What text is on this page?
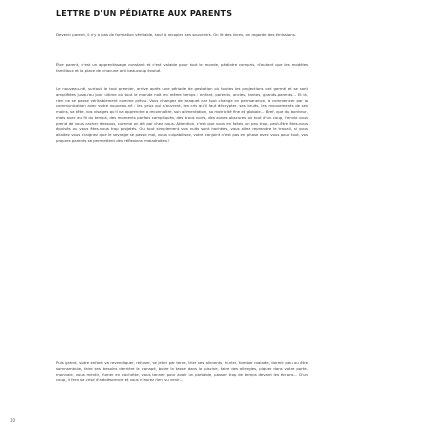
LETTRE D'UN PÉDIATRE AUX PARENTS

Devenir parent, il n'y a pas de formation véritable, sauf à recopier ses souvenirs. On lit des livres, on regarde des émissions.

Être parent, c'est un apprentissage constant et c'est valable pour tout le monde, pédiatre compris, d'autant que les modèles familiaux et la place de chacune ont beaucoup évolué.

Le nouveau-né, surtout le tout premier, arrive après une période de gestation où toutes les projections ont germé et se sont amplifiées jusqu'au jour ultime où tout le monde naît en même temps : enfant, parents, oncles, tantes, grands-parents… Et là, rien ne se passe véritablement comme prévu. Vous changez de braquet car tout change en permanence, à commencer par la communication avec votre nouveau-né : les yeux qui s'ouvrent, les cris qu'il faut décrypter, ses bruits, les mouvements de ses mains, sa tête, vos visages qu'il va apprendre à reconnaître, son alimentation, sa motricité fine et globale… Bref, que du bonheur, mais avec au fil du temps, des moments parfois compliqués, des trous noirs, des zones obscures où tout d'un coup, l'envie vous prend de vous cacher dessous, comme on dit par chez nous. Attention, c'est que vous en faites un peu trop, peut-être êtes-vous épuisés ou vous êtes-vous trop projetés. Ou tout simplement vos nuits sont hachées, vous allez reprendre le travail, si vous allaitez vous craignez que le sevrage se passe mal, vous culpabilisez, votre conjoint n'est pas en phase avec vous pour tout, vos propres parents se permettent des réflexions maladroites !

Puis grand, votre enfant va revendiquer, refuser, se jeter par terre, trier ses aliments, hurler, tomber malade, dormir peu ou être somnambule, faire ses besoins derrière le canapé, boire la tasse dans la piscine, faire des allergies, piquer dans votre porte-monnaie, vous mentir, fumer en cachette, vous tanner pour avoir un portable, passer trop de temps devant les écrans… D'un coup, il fera sa crise d'adolescence et vous n'aurez rien vu venir…

10
